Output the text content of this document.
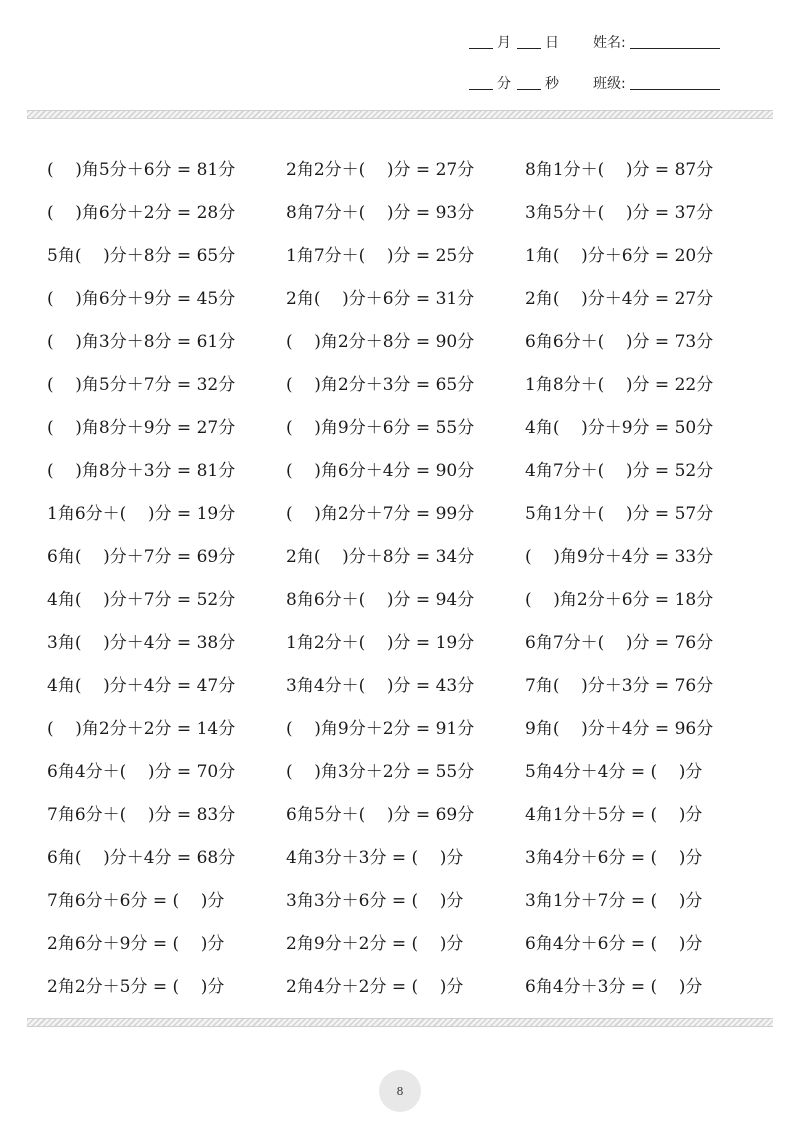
月 日 姓名:
分 秒 班级:
(    )角5分＋6分 = 81分	2角2分＋(    )分 = 27分	8角1分＋(    )分 = 87分
(    )角6分＋2分 = 28分	8角7分＋(    )分 = 93分	3角5分＋(    )分 = 37分
5角(    )分＋8分 = 65分	1角7分＋(    )分 = 25分	1角(    )分＋6分 = 20分
(    )角6分＋9分 = 45分	2角(    )分＋6分 = 31分	2角(    )分＋4分 = 27分
(    )角3分＋8分 = 61分	(    )角2分＋8分 = 90分	6角6分＋(    )分 = 73分
(    )角5分＋7分 = 32分	(    )角2分＋3分 = 65分	1角8分＋(    )分 = 22分
(    )角8分＋9分 = 27分	(    )角9分＋6分 = 55分	4角(    )分＋9分 = 50分
(    )角8分＋3分 = 81分	(    )角6分＋4分 = 90分	4角7分＋(    )分 = 52分
1角6分＋(    )分 = 19分	(    )角2分＋7分 = 99分	5角1分＋(    )分 = 57分
6角(    )分＋7分 = 69分	2角(    )分＋8分 = 34分	(    )角9分＋4分 = 33分
4角(    )分＋7分 = 52分	8角6分＋(    )分 = 94分	(    )角2分＋6分 = 18分
3角(    )分＋4分 = 38分	1角2分＋(    )分 = 19分	6角7分＋(    )分 = 76分
4角(    )分＋4分 = 47分	3角4分＋(    )分 = 43分	7角(    )分＋3分 = 76分
(    )角2分＋2分 = 14分	(    )角9分＋2分 = 91分	9角(    )分＋4分 = 96分
6角4分＋(    )分 = 70分	(    )角3分＋2分 = 55分	5角4分＋4分 = (    )分
7角6分＋(    )分 = 83分	6角5分＋(    )分 = 69分	4角1分＋5分 = (    )分
6角(    )分＋4分 = 68分	4角3分＋3分 = (    )分	3角4分＋6分 = (    )分
7角6分＋6分 = (    )分	3角3分＋6分 = (    )分	3角1分＋7分 = (    )分
2角6分＋9分 = (    )分	2角9分＋2分 = (    )分	6角4分＋6分 = (    )分
2角2分＋5分 = (    )分	2角4分＋2分 = (    )分	6角4分＋3分 = (    )分
8
